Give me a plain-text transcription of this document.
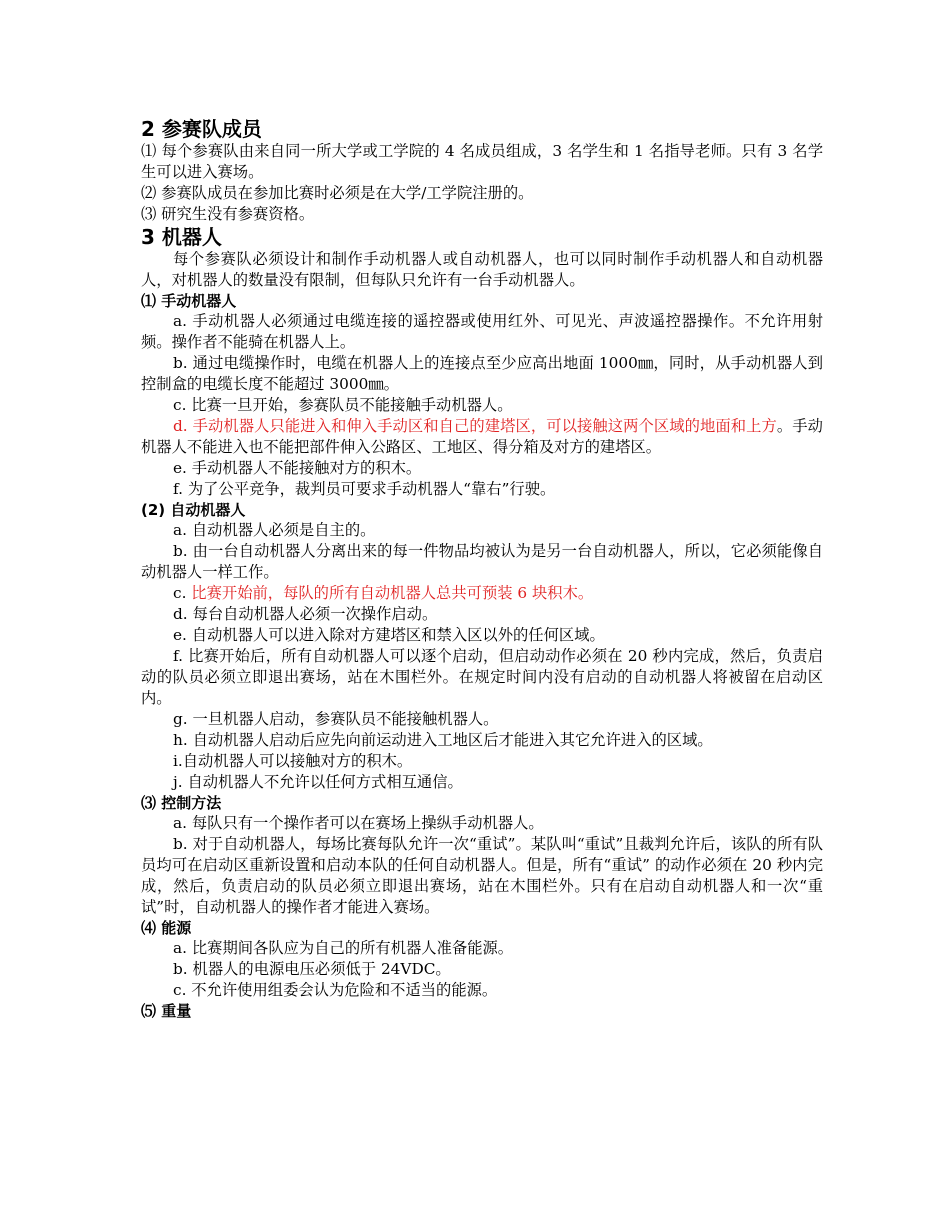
2 参赛队成员

⑴ 每个参赛队由来自同一所大学或工学院的 4 名成员组成，3 名学生和 1 名指导老师。只有 3 名学生可以进入赛场。

⑵ 参赛队成员在参加比赛时必须是在大学/工学院注册的。

⑶ 研究生没有参赛资格。

3 机器人

每个参赛队必须设计和制作手动机器人或自动机器人，也可以同时制作手动机器人和自动机器人，对机器人的数量没有限制，但每队只允许有一台手动机器人。

⑴ 手动机器人

a. 手动机器人必须通过电缆连接的遥控器或使用红外、可见光、声波遥控器操作。不允许用射频。操作者不能骑在机器人上。

b. 通过电缆操作时，电缆在机器人上的连接点至少应高出地面 1000㎜，同时，从手动机器人到控制盒的电缆长度不能超过 3000㎜。

c. 比赛一旦开始，参赛队员不能接触手动机器人。

d. 手动机器人只能进入和伸入手动区和自己的建塔区，可以接触这两个区域的地面和上方。手动机器人不能进入也不能把部件伸入公路区、工地区、得分箱及对方的建塔区。

e. 手动机器人不能接触对方的积木。

f. 为了公平竞争，裁判员可要求手动机器人“靠右”行驶。

(2) 自动机器人

a. 自动机器人必须是自主的。

b. 由一台自动机器人分离出来的每一件物品均被认为是另一台自动机器人，所以，它必须能像自动机器人一样工作。

c. 比赛开始前，每队的所有自动机器人总共可预装 6 块积木。

d. 每台自动机器人必须一次操作启动。

e. 自动机器人可以进入除对方建塔区和禁入区以外的任何区域。

f. 比赛开始后，所有自动机器人可以逐个启动，但启动动作必须在 20 秒内完成，然后，负责启动的队员必须立即退出赛场，站在木围栏外。在规定时间内没有启动的自动机器人将被留在启动区内。

g. 一旦机器人启动，参赛队员不能接触机器人。

h. 自动机器人启动后应先向前运动进入工地区后才能进入其它允许进入的区域。

i.自动机器人可以接触对方的积木。

j. 自动机器人不允许以任何方式相互通信。

⑶ 控制方法

a. 每队只有一个操作者可以在赛场上操纵手动机器人。

b. 对于自动机器人，每场比赛每队允许一次“重试”。某队叫“重试”且裁判允许后，该队的所有队员均可在启动区重新设置和启动本队的任何自动机器人。但是，所有“重试” 的动作必须在 20 秒内完成，然后，负责启动的队员必须立即退出赛场，站在木围栏外。只有在启动自动机器人和一次“重试”时，自动机器人的操作者才能进入赛场。

⑷ 能源

a. 比赛期间各队应为自己的所有机器人准备能源。

b. 机器人的电源电压必须低于 24VDC。

c. 不允许使用组委会认为危险和不适当的能源。

⑸ 重量
